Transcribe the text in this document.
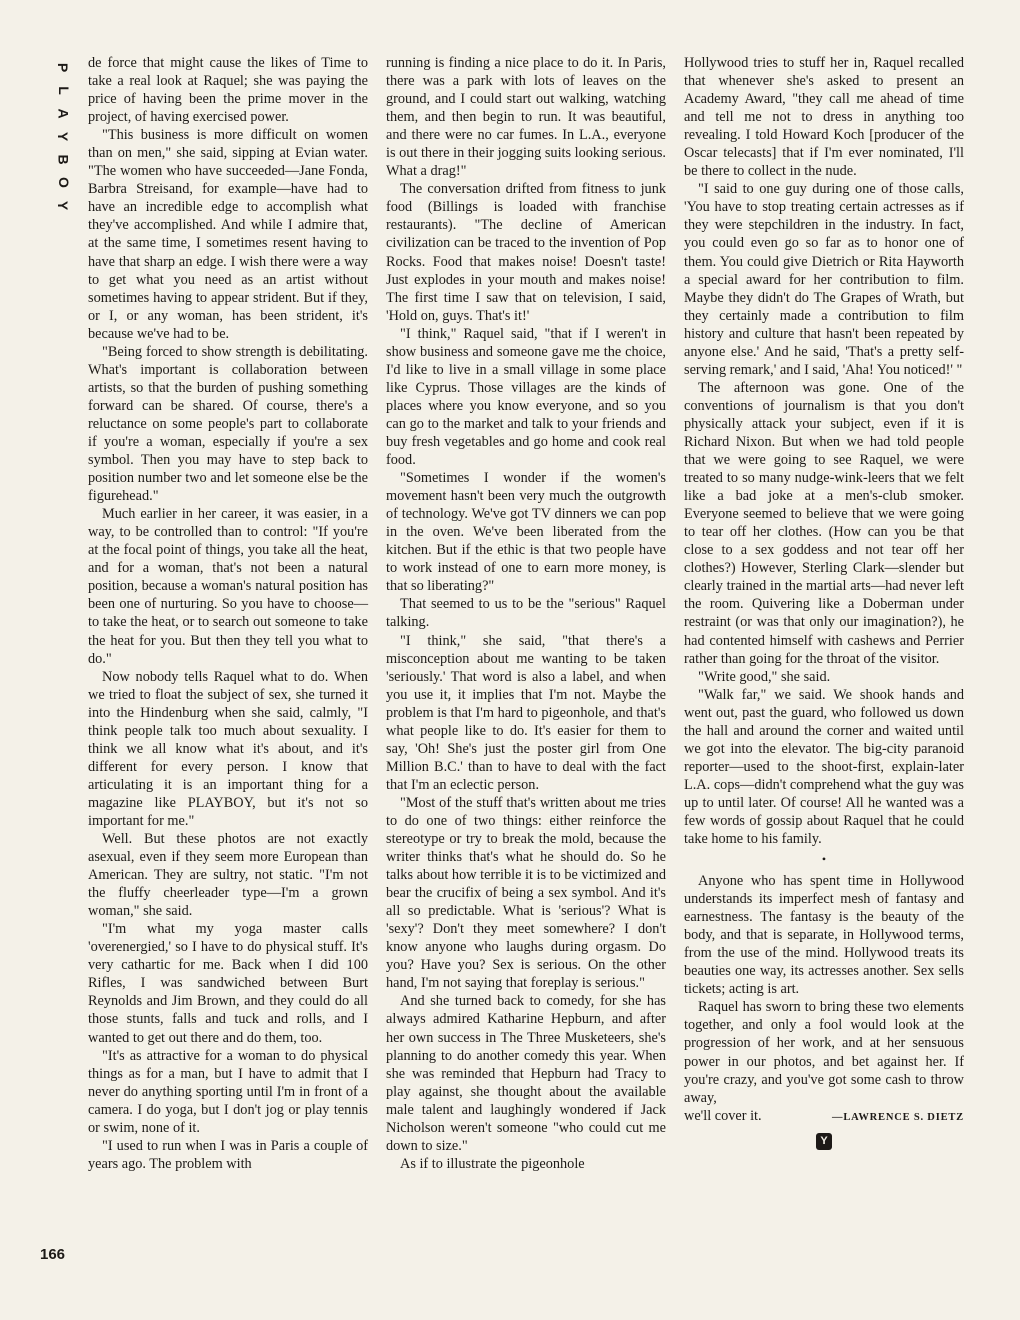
P
L
A
Y
B
O
Y
166

de force that might cause the likes of Time to take a real look at Raquel; she was paying the price of having been the prime mover in the project, of having exercised power.

"This business is more difficult on women than on men," she said, sipping at Evian water. "The women who have succeeded—Jane Fonda, Barbra Streisand, for example—have had to have an incredible edge to accomplish what they've accomplished. And while I admire that, at the same time, I sometimes resent having to have that sharp an edge. I wish there were a way to get what you need as an artist without sometimes having to appear strident. But if they, or I, or any woman, has been strident, it's because we've had to be.

"Being forced to show strength is debilitating. What's important is collaboration between artists, so that the burden of pushing something forward can be shared. Of course, there's a reluctance on some people's part to collaborate if you're a woman, especially if you're a sex symbol. Then you may have to step back to position number two and let someone else be the figurehead."

Much earlier in her career, it was easier, in a way, to be controlled than to control: "If you're at the focal point of things, you take all the heat, and for a woman, that's not been a natural position, because a woman's natural position has been one of nurturing. So you have to choose—to take the heat, or to search out someone to take the heat for you. But then they tell you what to do."

Now nobody tells Raquel what to do. When we tried to float the subject of sex, she turned it into the Hindenburg when she said, calmly, "I think people talk too much about sexuality. I think we all know what it's about, and it's different for every person. I know that articulating it is an important thing for a magazine like PLAYBOY, but it's not so important for me."

Well. But these photos are not exactly asexual, even if they seem more European than American. They are sultry, not static. "I'm not the fluffy cheerleader type—I'm a grown woman," she said.

"I'm what my yoga master calls 'overenergied,' so I have to do physical stuff. It's very cathartic for me. Back when I did 100 Rifles, I was sandwiched between Burt Reynolds and Jim Brown, and they could do all those stunts, falls and tuck and rolls, and I wanted to get out there and do them, too.

"It's as attractive for a woman to do physical things as for a man, but I have to admit that I never do anything sporting until I'm in front of a camera. I do yoga, but I don't jog or play tennis or swim, none of it.

"I used to run when I was in Paris a couple of years ago. The problem with

running is finding a nice place to do it. In Paris, there was a park with lots of leaves on the ground, and I could start out walking, watching them, and then begin to run. It was beautiful, and there were no car fumes. In L.A., everyone is out there in their jogging suits looking serious. What a drag!"

The conversation drifted from fitness to junk food (Billings is loaded with franchise restaurants). "The decline of American civilization can be traced to the invention of Pop Rocks. Food that makes noise! Doesn't taste! Just explodes in your mouth and makes noise! The first time I saw that on television, I said, 'Hold on, guys. That's it!'

"I think," Raquel said, "that if I weren't in show business and someone gave me the choice, I'd like to live in a small village in some place like Cyprus. Those villages are the kinds of places where you know everyone, and so you can go to the market and talk to your friends and buy fresh vegetables and go home and cook real food.

"Sometimes I wonder if the women's movement hasn't been very much the outgrowth of technology. We've got TV dinners we can pop in the oven. We've been liberated from the kitchen. But if the ethic is that two people have to work instead of one to earn more money, is that so liberating?"

That seemed to us to be the "serious" Raquel talking.

"I think," she said, "that there's a misconception about me wanting to be taken 'seriously.' That word is also a label, and when you use it, it implies that I'm not. Maybe the problem is that I'm hard to pigeonhole, and that's what people like to do. It's easier for them to say, 'Oh! She's just the poster girl from One Million B.C.' than to have to deal with the fact that I'm an eclectic person.

"Most of the stuff that's written about me tries to do one of two things: either reinforce the stereotype or try to break the mold, because the writer thinks that's what he should do. So he talks about how terrible it is to be victimized and bear the crucifix of being a sex symbol. And it's all so predictable. What is 'serious'? What is 'sexy'? Don't they meet somewhere? I don't know anyone who laughs during orgasm. Do you? Have you? Sex is serious. On the other hand, I'm not saying that foreplay is serious."

And she turned back to comedy, for she has always admired Katharine Hepburn, and after her own success in The Three Musketeers, she's planning to do another comedy this year. When she was reminded that Hepburn had Tracy to play against, she thought about the available male talent and laughingly wondered if Jack Nicholson weren't someone "who could cut me down to size."

As if to illustrate the pigeonhole

Hollywood tries to stuff her in, Raquel recalled that whenever she's asked to present an Academy Award, "they call me ahead of time and tell me not to dress in anything too revealing. I told Howard Koch [producer of the Oscar telecasts] that if I'm ever nominated, I'll be there to collect in the nude.

"I said to one guy during one of those calls, 'You have to stop treating certain actresses as if they were stepchildren in the industry. In fact, you could even go so far as to honor one of them. You could give Dietrich or Rita Hayworth a special award for her contribution to film. Maybe they didn't do The Grapes of Wrath, but they certainly made a contribution to film history and culture that hasn't been repeated by anyone else.' And he said, 'That's a pretty self-serving remark,' and I said, 'Aha! You noticed!' "

The afternoon was gone. One of the conventions of journalism is that you don't physically attack your subject, even if it is Richard Nixon. But when we had told people that we were going to see Raquel, we were treated to so many nudge-wink-leers that we felt like a bad joke at a men's-club smoker. Everyone seemed to believe that we were going to tear off her clothes. (How can you be that close to a sex goddess and not tear off her clothes?) However, Sterling Clark—slender but clearly trained in the martial arts—had never left the room. Quivering like a Doberman under restraint (or was that only our imagination?), he had contented himself with cashews and Perrier rather than going for the throat of the visitor.

"Write good," she said.

"Walk far," we said. We shook hands and went out, past the guard, who followed us down the hall and around the corner and waited until we got into the elevator. The big-city paranoid reporter—used to the shoot-first, explain-later L.A. cops—didn't comprehend what the guy was up to until later. Of course! All he wanted was a few words of gossip about Raquel that he could take home to his family.

•

Anyone who has spent time in Hollywood understands its imperfect mesh of fantasy and earnestness. The fantasy is the beauty of the body, and that is separate, in Hollywood terms, from the use of the mind. Hollywood treats its beauties one way, its actresses another. Sex sells tickets; acting is art.

Raquel has sworn to bring these two elements together, and only a fool would look at the progression of her work, and at her sensuous power in our photos, and bet against her. If you're crazy, and you've got some cash to throw away,

we'll cover it.	—LAWRENCE S. DIETZ
Y
